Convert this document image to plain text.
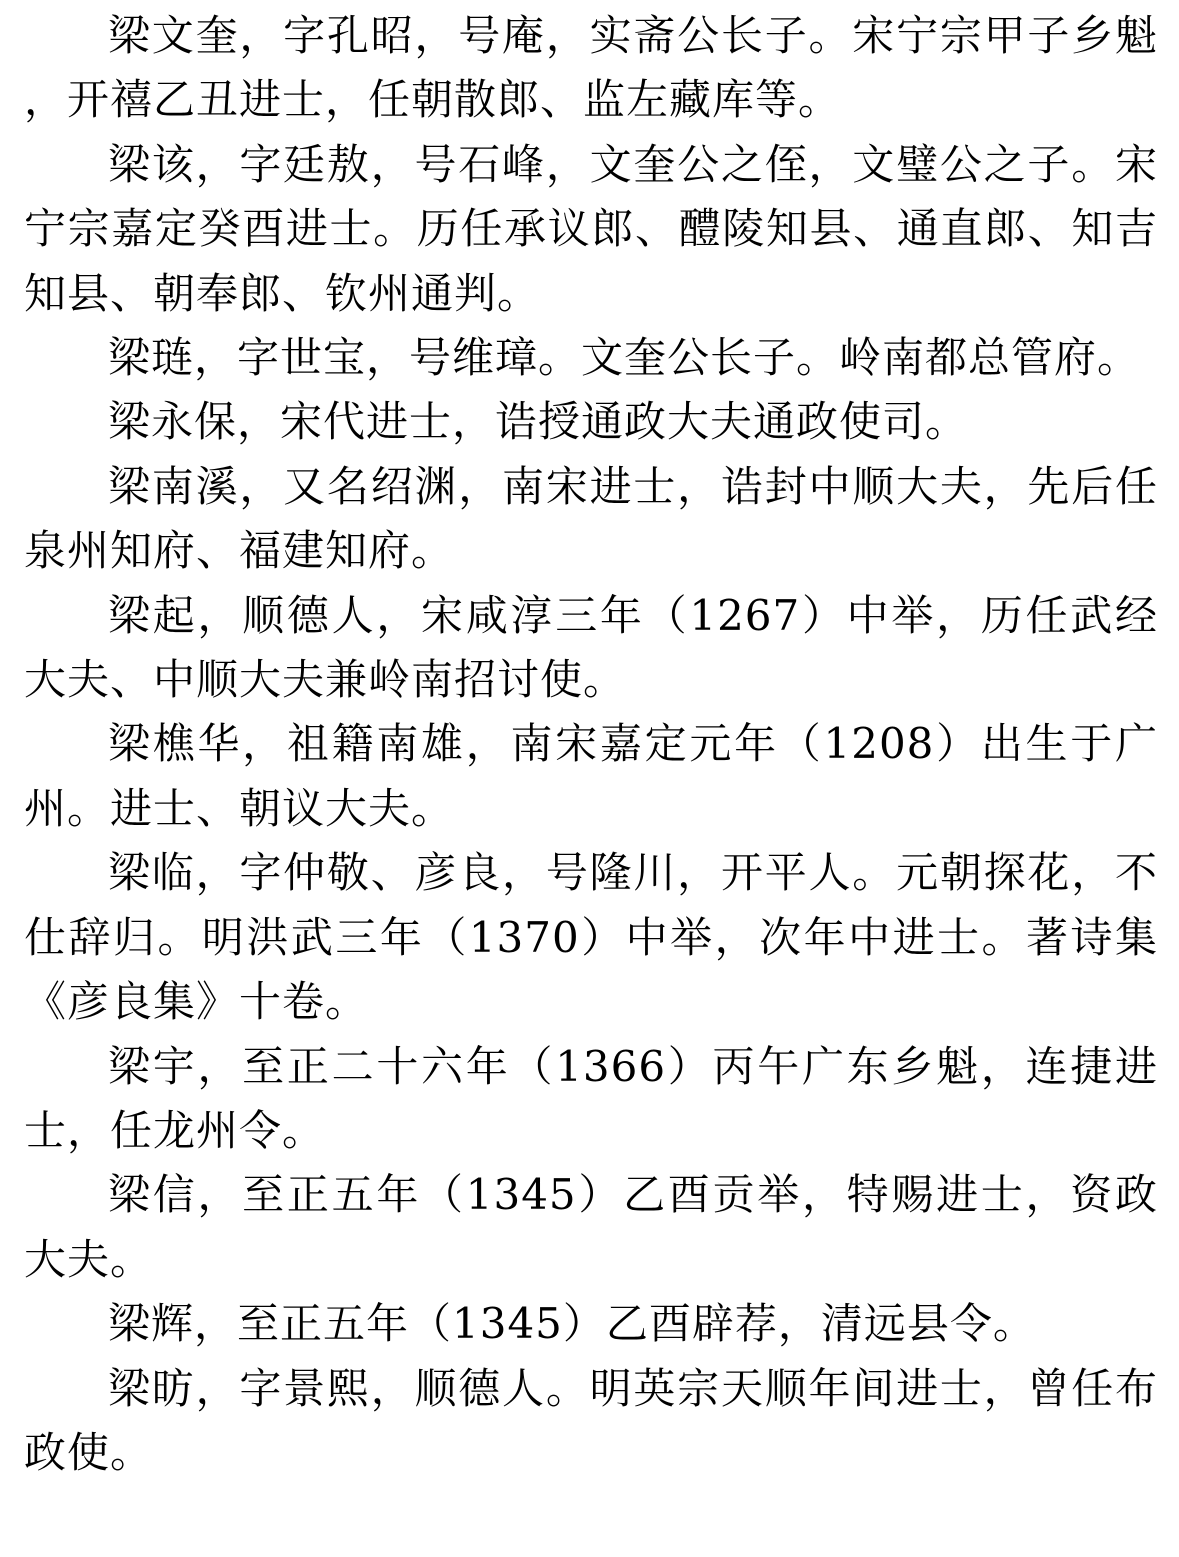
梁文奎，字孔昭，号庵，实斋公长子。宋宁宗甲子乡魁，开禧乙丑进士，任朝散郎、监左藏库等。

梁该，字廷敖，号石峰，文奎公之侄，文璧公之子。宋宁宗嘉定癸酉进士。历任承议郎、醴陵知县、通直郎、知吉知县、朝奉郎、钦州通判。

梁琏，字世宝，号维璋。文奎公长子。岭南都总管府。

梁永保，宋代进士，诰授通政大夫通政使司。

梁南溪，又名绍渊，南宋进士，诰封中顺大夫，先后任泉州知府、福建知府。

梁起，顺德人，宋咸淳三年（1267）中举，历任武经大夫、中顺大夫兼岭南招讨使。

梁樵华，祖籍南雄，南宋嘉定元年（1208）出生于广州。进士、朝议大夫。

梁临，字仲敬、彦良，号隆川，开平人。元朝探花，不仕辞归。明洪武三年（1370）中举，次年中进士。著诗集《彦良集》十卷。

梁宇，至正二十六年（1366）丙午广东乡魁，连捷进士，任龙州令。

梁信，至正五年（1345）乙酉贡举，特赐进士，资政大夫。

梁辉，至正五年（1345）乙酉辟荐，清远县令。

梁昉，字景熙，顺德人。明英宗天顺年间进士，曾任布政使。
